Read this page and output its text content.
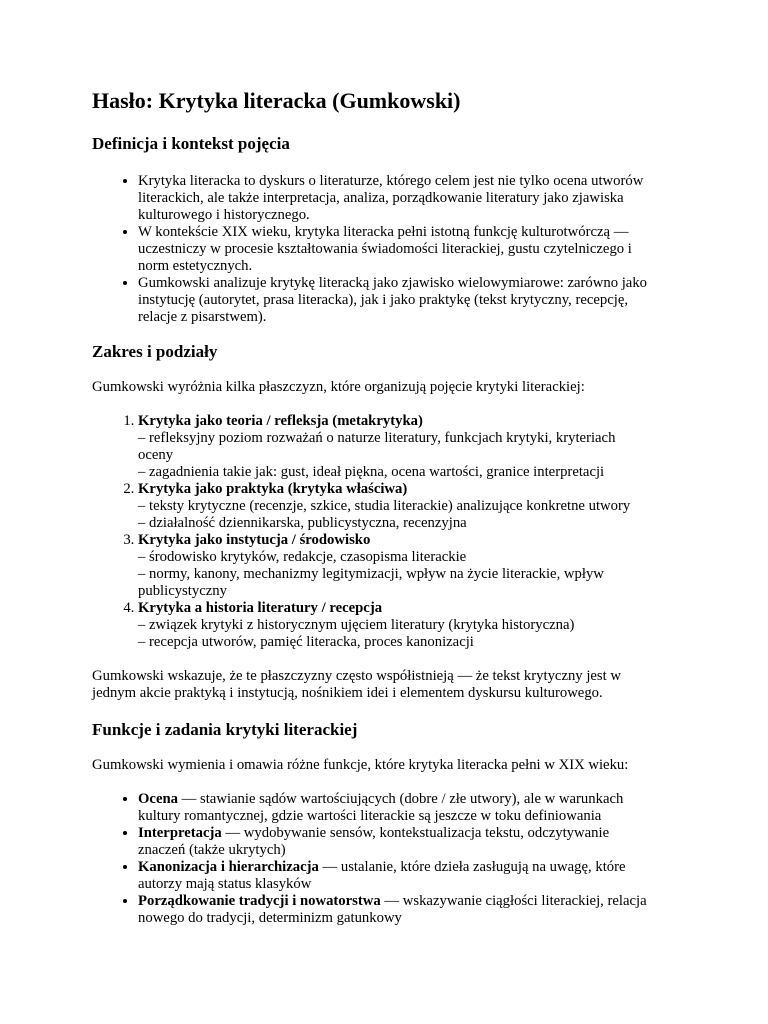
Hasło: Krytyka literacka (Gumkowski)
Definicja i kontekst pojęcia
• Krytyka literacka to dyskurs o literaturze, którego celem jest nie tylko ocena utworów
literackich, ale także interpretacja, analiza, porządkowanie literatury jako zjawiska
kulturowego i historycznego.
• W kontekście XIX wieku, krytyka literacka pełni istotną funkcję kulturotwórczą —
uczestniczy w procesie kształtowania świadomości literackiej, gustu czytelniczego i
norm estetycznych.
• Gumkowski analizuje krytykę literacką jako zjawisko wielowymiarowe: zarówno jako
instytucję (autorytet, prasa literacka), jak i jako praktykę (tekst krytyczny, recepcję,
relacje z pisarstwem).
Zakres i podziały

Gumkowski wyróżnia kilka płaszczyzn, które organizują pojęcie krytyki literackiej:

1. Krytyka jako teoria / refleksja (metakrytyka)
– refleksyjny poziom rozważań o naturze literatury, funkcjach krytyki, kryteriach
oceny
– zagadnienia takie jak: gust, ideał piękna, ocena wartości, granice interpretacji
2. Krytyka jako praktyka (krytyka właściwa)
– teksty krytyczne (recenzje, szkice, studia literackie) analizujące konkretne utwory
– działalność dziennikarska, publicystyczna, recenzyjna
3. Krytyka jako instytucja / środowisko
– środowisko krytyków, redakcje, czasopisma literackie
– normy, kanony, mechanizmy legitymizacji, wpływ na życie literackie, wpływ
publicystyczny
4. Krytyka a historia literatury / recepcja
– związek krytyki z historycznym ujęciem literatury (krytyka historyczna)
– recepcja utworów, pamięć literacka, proces kanonizacji

Gumkowski wskazuje, że te płaszczyzny często współistnieją — że tekst krytyczny jest w
jednym akcie praktyką i instytucją, nośnikiem idei i elementem dyskursu kulturowego.

Funkcje i zadania krytyki literackiej

Gumkowski wymienia i omawia różne funkcje, które krytyka literacka pełni w XIX wieku:

• Ocena — stawianie sądów wartościujących (dobre / złe utwory), ale w warunkach
kultury romantycznej, gdzie wartości literackie są jeszcze w toku definiowania
• Interpretacja — wydobywanie sensów, kontekstualizacja tekstu, odczytywanie
znaczeń (także ukrytych)
• Kanonizacja i hierarchizacja — ustalanie, które dzieła zasługują na uwagę, które
autorzy mają status klasyków
• Porządkowanie tradycji i nowatorstwa — wskazywanie ciągłości literackiej, relacja
nowego do tradycji, determinizm gatunkowy
